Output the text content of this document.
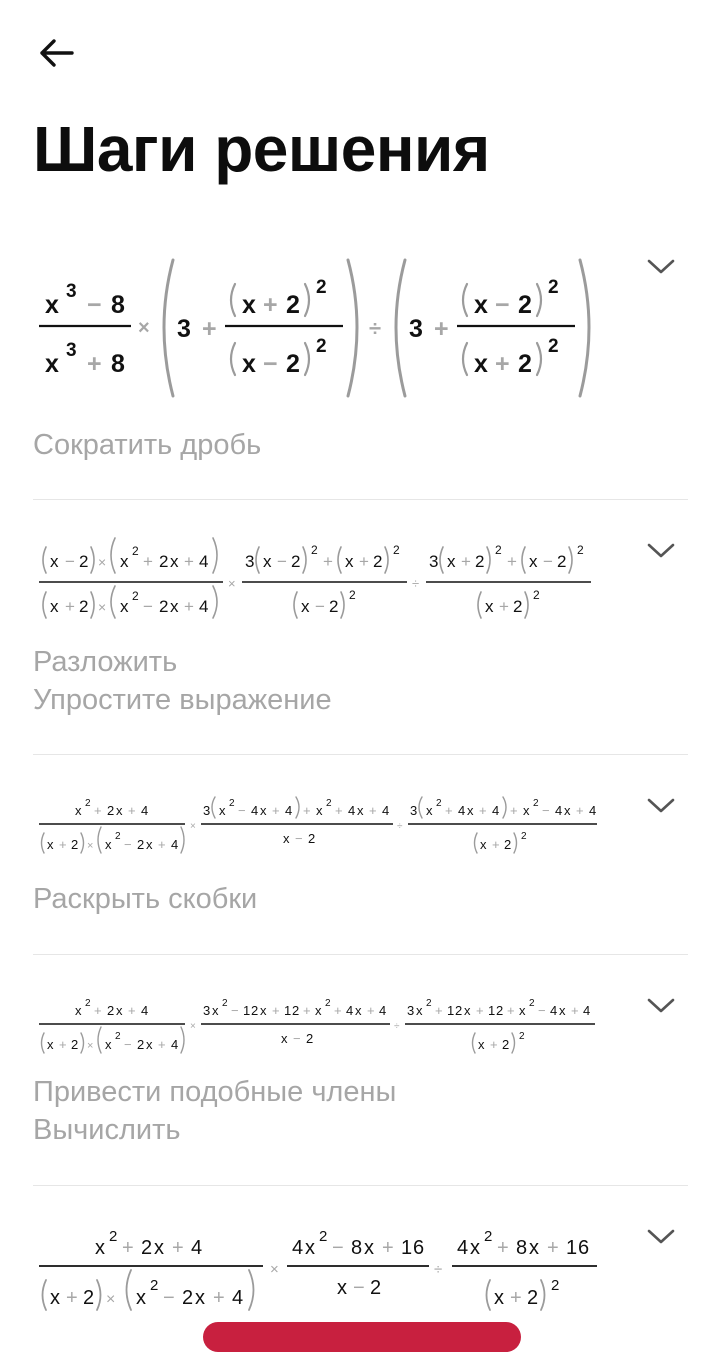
Шаги решения
x 3 − 8
x 3 + 8
× 3 +
x + 2
2
x − 2
2
÷ 3 +
x − 2
2
x + 2
2
Сократить дробь
x − 2 × x
2
+ 2 x + 4
x + 2 × x
2
− 2 x + 4
×
3 x − 2
2
+ x + 2
2
x − 2
2
÷
3 x + 2
2
+ x − 2
2
x + 2
2
Разложить
Упростите выражение
x 2 + 2 x + 4
x + 2 × x
2
− 2 x + 4
×
3 x 2 − 4 x + 4 + x 2 + 4 x + 4
x − 2
÷
3 x 2 + 4 x + 4 + x 2 − 4 x + 4
x + 2
2
Раскрыть скобки
x 2 + 2 x + 4
x + 2 × x
2
− 2 x + 4
×
3 x 2 − 1 2 x + 1 2 + x 2 + 4 x + 4
x − 2
÷
3 x 2 + 1 2 x + 1 2 + x 2 − 4 x + 4
x + 2
2
Привести подобные члены
Вычислить
x
2
+ 2 x + 4
x + 2 × x
2
− 2 x + 4
×
4 x
2
− 8 x + 1 6
x − 2
÷
4 x
2
+ 8 x + 1 6
x + 2
2
